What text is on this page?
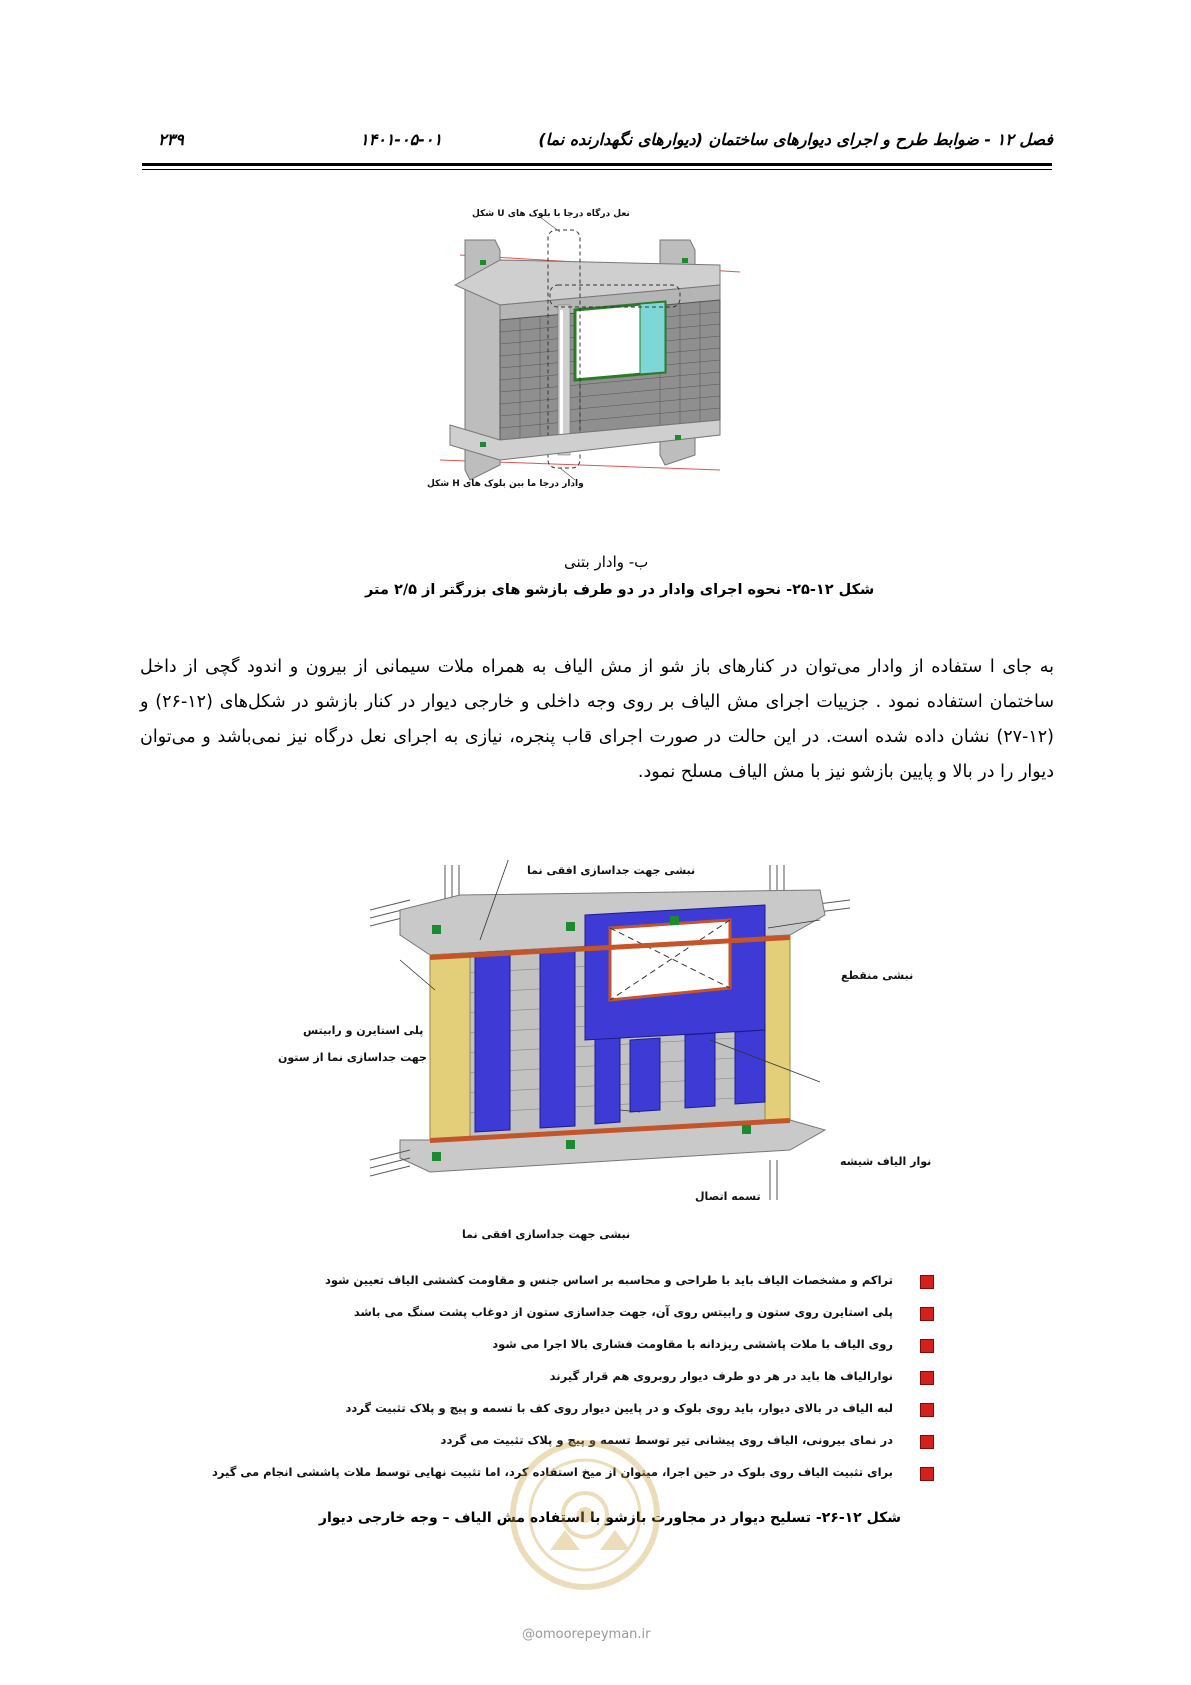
۲۳۹	۱۴۰۱-۰۵-۰۱	فصل ۱۲ - ضوابط طرح و اجرای دیوارهای ساختمان (دیوارهای نگهدارنده نما)
نعل درگاه درجا با بلوک های U شکل
وادار درجا ما بین بلوک های H شکل
ب- وادار بتنی
شکل ۱۲-۲۵- نحوه اجرای وادار در دو طرف بازشو های بزرگتر از ۲/۵ متر
به جای ا ستفاده از وادار می‌توان در کنارهای باز شو از مش الیاف به همراه ملات سیمانی از بیرون و اندود گچی از داخل ساختمان استفاده نمود . جزییات اجرای مش الیاف بر روی وجه داخلی و خارجی دیوار در کنار بازشو در شکل‌های (۱۲-۲۶) و (۱۲-۲۷) نشان داده شده است. در این حالت در صورت اجرای قاب پنجره، نیازی به اجرای نعل درگاه نیز نمی‌باشد و می‌توان دیوار را در بالا و پایین بازشو نیز با مش الیاف مسلح نمود.
نبشی جهت جداسازی افقی نما
نبشی منقطع
پلی استایرن و رابیتس
جهت جداسازی نما از ستون
نوار الیاف شیشه
تسمه اتصال
نبشی جهت جداسازی افقی نما
تراکم و مشخصات الیاف باید با طراحی و محاسبه بر اساس جنس و مقاومت کششی الیاف تعیین شود
پلی استایرن روی ستون و رابیتس روی آن، جهت جداسازی ستون از دوغاب پشت سنگ می باشد
روی الیاف با ملات پاششی ریزدانه با مقاومت فشاری بالا اجرا می شود
نوارالیاف ها باید در هر دو طرف دیوار روبروی هم قرار گیرند
لبه الیاف در بالای دیوار، باید روی بلوک و در پایین دیوار روی کف با تسمه و پیچ و پلاک تثبیت گردد
در نمای بیرونی، الیاف روی پیشانی تیر توسط تسمه و پیچ و پلاک تثبیت می گردد
برای تثبیت الیاف روی بلوک در حین اجرا، میتوان از میخ استفاده کرد، اما تثبیت نهایی توسط ملات پاششی انجام می گیرد
شکل ۱۲-۲۶- تسلیح دیوار در مجاورت بازشو با استفاده مش الیاف – وجه خارجی دیوار
@omoorepeyman.ir
